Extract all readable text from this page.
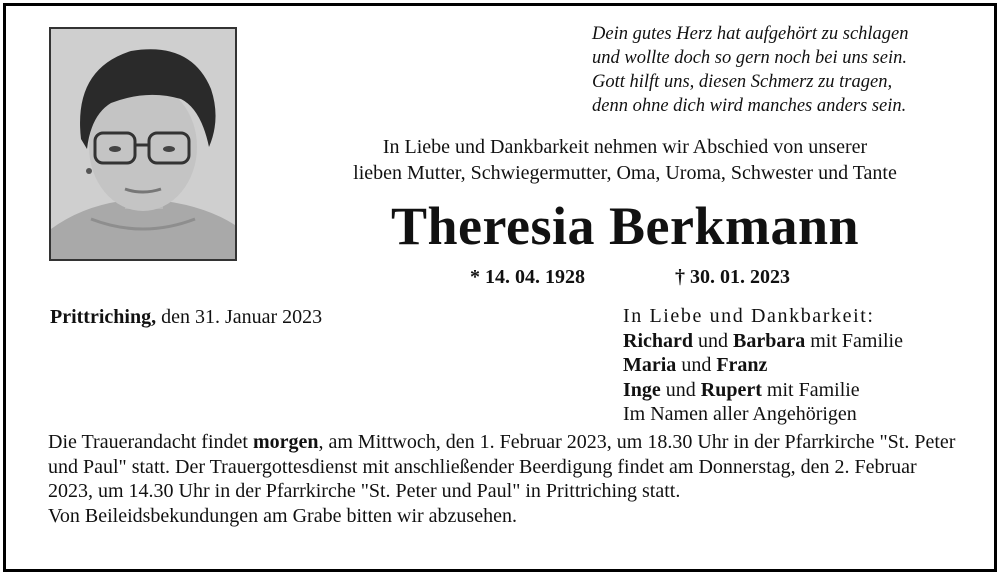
Dein gutes Herz hat aufgehört zu schlagen
und wollte doch so gern noch bei uns sein.
Gott hilft uns, diesen Schmerz zu tragen,
denn ohne dich wird manches anders sein.
In Liebe und Dankbarkeit nehmen wir Abschied von unserer
lieben Mutter, Schwiegermutter, Oma, Uroma, Schwester und Tante
Theresia Berkmann
* 14. 04. 1928	† 30. 01. 2023
Prittriching, den 31. Januar 2023	In Liebe und Dankbarkeit:
Richard und Barbara mit Familie
Maria und Franz
Inge und Rupert mit Familie
Im Namen aller Angehörigen

Die Trauerandacht findet morgen, am Mittwoch, den 1. Februar 2023, um 18.30 Uhr in der Pfarrkirche "St. Peter und Paul" statt. Der Trauergottesdienst mit anschließender Beerdigung findet am Donnerstag, den 2. Februar 2023, um 14.30 Uhr in der Pfarrkirche "St. Peter und Paul" in Prittriching statt.

Von Beileidsbekundungen am Grabe bitten wir abzusehen.
